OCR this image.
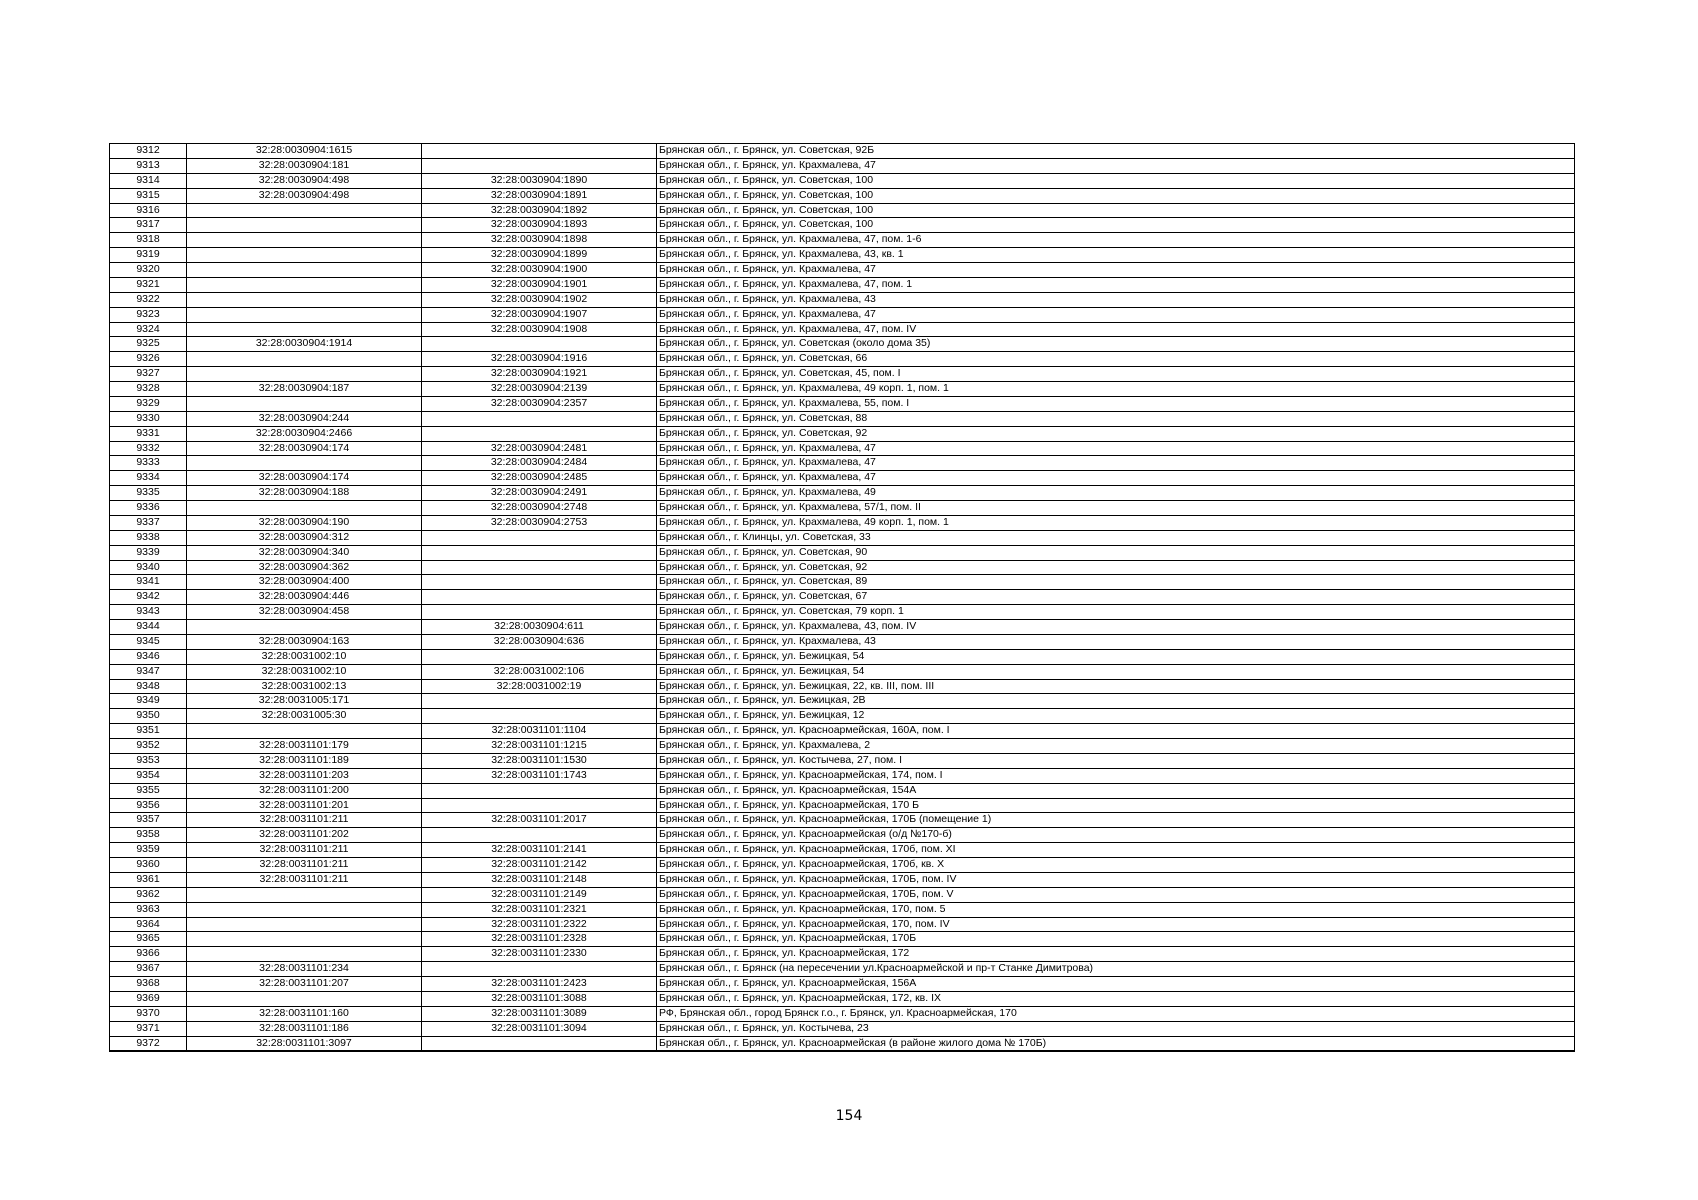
9312	32:28:0030904:1615		Брянская обл., г. Брянск, ул. Советская, 92Б
9313	32:28:0030904:181		Брянская обл., г. Брянск, ул. Крахмалева, 47
9314	32:28:0030904:498	32:28:0030904:1890	Брянская обл., г. Брянск, ул. Советская, 100
9315	32:28:0030904:498	32:28:0030904:1891	Брянская обл., г. Брянск, ул. Советская, 100
9316		32:28:0030904:1892	Брянская обл., г. Брянск, ул. Советская, 100
9317		32:28:0030904:1893	Брянская обл., г. Брянск, ул. Советская, 100
9318		32:28:0030904:1898	Брянская обл., г. Брянск, ул. Крахмалева, 47, пом. 1-6
9319		32:28:0030904:1899	Брянская обл., г. Брянск, ул. Крахмалева, 43, кв. 1
9320		32:28:0030904:1900	Брянская обл., г. Брянск, ул. Крахмалева, 47
9321		32:28:0030904:1901	Брянская обл., г. Брянск, ул. Крахмалева, 47, пом. 1
9322		32:28:0030904:1902	Брянская обл., г. Брянск, ул. Крахмалева, 43
9323		32:28:0030904:1907	Брянская обл., г. Брянск, ул. Крахмалева, 47
9324		32:28:0030904:1908	Брянская обл., г. Брянск, ул. Крахмалева, 47, пом. IV
9325	32:28:0030904:1914		Брянская обл., г. Брянск, ул. Советская (около дома 35)
9326		32:28:0030904:1916	Брянская обл., г. Брянск, ул. Советская, 66
9327		32:28:0030904:1921	Брянская обл., г. Брянск, ул. Советская, 45, пом. I
9328	32:28:0030904:187	32:28:0030904:2139	Брянская обл., г. Брянск, ул. Крахмалева, 49 корп. 1, пом. 1
9329		32:28:0030904:2357	Брянская обл., г. Брянск, ул. Крахмалева, 55, пом. I
9330	32:28:0030904:244		Брянская обл., г. Брянск, ул. Советская, 88
9331	32:28:0030904:2466		Брянская обл., г. Брянск, ул. Советская, 92
9332	32:28:0030904:174	32:28:0030904:2481	Брянская обл., г. Брянск, ул. Крахмалева, 47
9333		32:28:0030904:2484	Брянская обл., г. Брянск, ул. Крахмалева, 47
9334	32:28:0030904:174	32:28:0030904:2485	Брянская обл., г. Брянск, ул. Крахмалева, 47
9335	32:28:0030904:188	32:28:0030904:2491	Брянская обл., г. Брянск, ул. Крахмалева, 49
9336		32:28:0030904:2748	Брянская обл., г. Брянск, ул. Крахмалева, 57/1, пом. II
9337	32:28:0030904:190	32:28:0030904:2753	Брянская обл., г. Брянск, ул. Крахмалева, 49 корп. 1, пом. 1
9338	32:28:0030904:312		Брянская обл., г. Клинцы, ул. Советская, 33
9339	32:28:0030904:340		Брянская обл., г. Брянск, ул. Советская, 90
9340	32:28:0030904:362		Брянская обл., г. Брянск, ул. Советская, 92
9341	32:28:0030904:400		Брянская обл., г. Брянск, ул. Советская, 89
9342	32:28:0030904:446		Брянская обл., г. Брянск, ул. Советская, 67
9343	32:28:0030904:458		Брянская обл., г. Брянск, ул. Советская, 79 корп. 1
9344		32:28:0030904:611	Брянская обл., г. Брянск, ул. Крахмалева, 43, пом. IV
9345	32:28:0030904:163	32:28:0030904:636	Брянская обл., г. Брянск, ул. Крахмалева, 43
9346	32:28:0031002:10		Брянская обл., г. Брянск, ул. Бежицкая, 54
9347	32:28:0031002:10	32:28:0031002:106	Брянская обл., г. Брянск, ул. Бежицкая, 54
9348	32:28:0031002:13	32:28:0031002:19	Брянская обл., г. Брянск, ул. Бежицкая, 22, кв. III, пом. III
9349	32:28:0031005:171		Брянская обл., г. Брянск, ул. Бежицкая, 2В
9350	32:28:0031005:30		Брянская обл., г. Брянск, ул. Бежицкая, 12
9351		32:28:0031101:1104	Брянская обл., г. Брянск, ул. Красноармейская, 160А, пом. I
9352	32:28:0031101:179	32:28:0031101:1215	Брянская обл., г. Брянск, ул. Крахмалева, 2
9353	32:28:0031101:189	32:28:0031101:1530	Брянская обл., г. Брянск, ул. Костычева, 27, пом. I
9354	32:28:0031101:203	32:28:0031101:1743	Брянская обл., г. Брянск, ул. Красноармейская, 174, пом. I
9355	32:28:0031101:200		Брянская обл., г. Брянск, ул. Красноармейская, 154А
9356	32:28:0031101:201		Брянская обл., г. Брянск, ул. Красноармейская, 170 Б
9357	32:28:0031101:211	32:28:0031101:2017	Брянская обл., г. Брянск, ул. Красноармейская, 170Б (помещение 1)
9358	32:28:0031101:202		Брянская обл., г. Брянск, ул. Красноармейская (о/д №170-б)
9359	32:28:0031101:211	32:28:0031101:2141	Брянская обл., г. Брянск, ул. Красноармейская, 170б, пом. XI
9360	32:28:0031101:211	32:28:0031101:2142	Брянская обл., г. Брянск, ул. Красноармейская, 170б, кв. X
9361	32:28:0031101:211	32:28:0031101:2148	Брянская обл., г. Брянск, ул. Красноармейская, 170Б, пом. IV
9362		32:28:0031101:2149	Брянская обл., г. Брянск, ул. Красноармейская, 170Б, пом. V
9363		32:28:0031101:2321	Брянская обл., г. Брянск, ул. Красноармейская, 170, пом. 5
9364		32:28:0031101:2322	Брянская обл., г. Брянск, ул. Красноармейская, 170, пом. IV
9365		32:28:0031101:2328	Брянская обл., г. Брянск, ул. Красноармейская, 170Б
9366		32:28:0031101:2330	Брянская обл., г. Брянск, ул. Красноармейская, 172
9367	32:28:0031101:234		Брянская обл., г. Брянск (на пересечении ул.Красноармейской и пр-т Станке Димитрова)
9368	32:28:0031101:207	32:28:0031101:2423	Брянская обл., г. Брянск, ул. Красноармейская, 156А
9369		32:28:0031101:3088	Брянская обл., г. Брянск, ул. Красноармейская, 172, кв. IX
9370	32:28:0031101:160	32:28:0031101:3089	РФ, Брянская обл., город Брянск г.о., г. Брянск, ул. Красноармейская, 170
9371	32:28:0031101:186	32:28:0031101:3094	Брянская обл., г. Брянск, ул. Костычева, 23
9372	32:28:0031101:3097		Брянская обл., г. Брянск, ул. Красноармейская (в районе жилого дома № 170Б)
154
